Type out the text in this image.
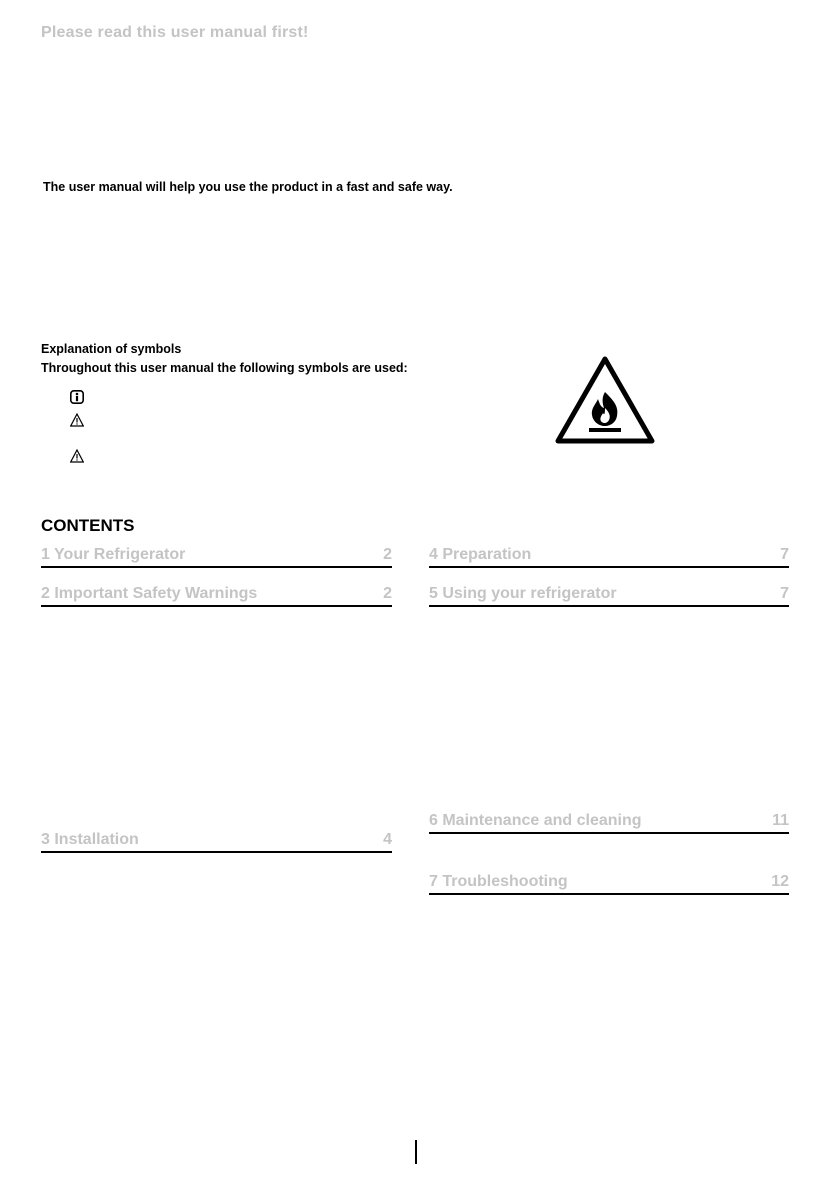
Please read this user manual first!
The user manual will help you use the product in a fast and safe way.
Explanation of symbols
Throughout this user manual the following symbols are used:
CONTENTS
1 Your Refrigerator	2
2 Important Safety Warnings	2
3 Installation	4
4 Preparation	7
5 Using your refrigerator	7
6 Maintenance and cleaning	11
7 Troubleshooting	12
